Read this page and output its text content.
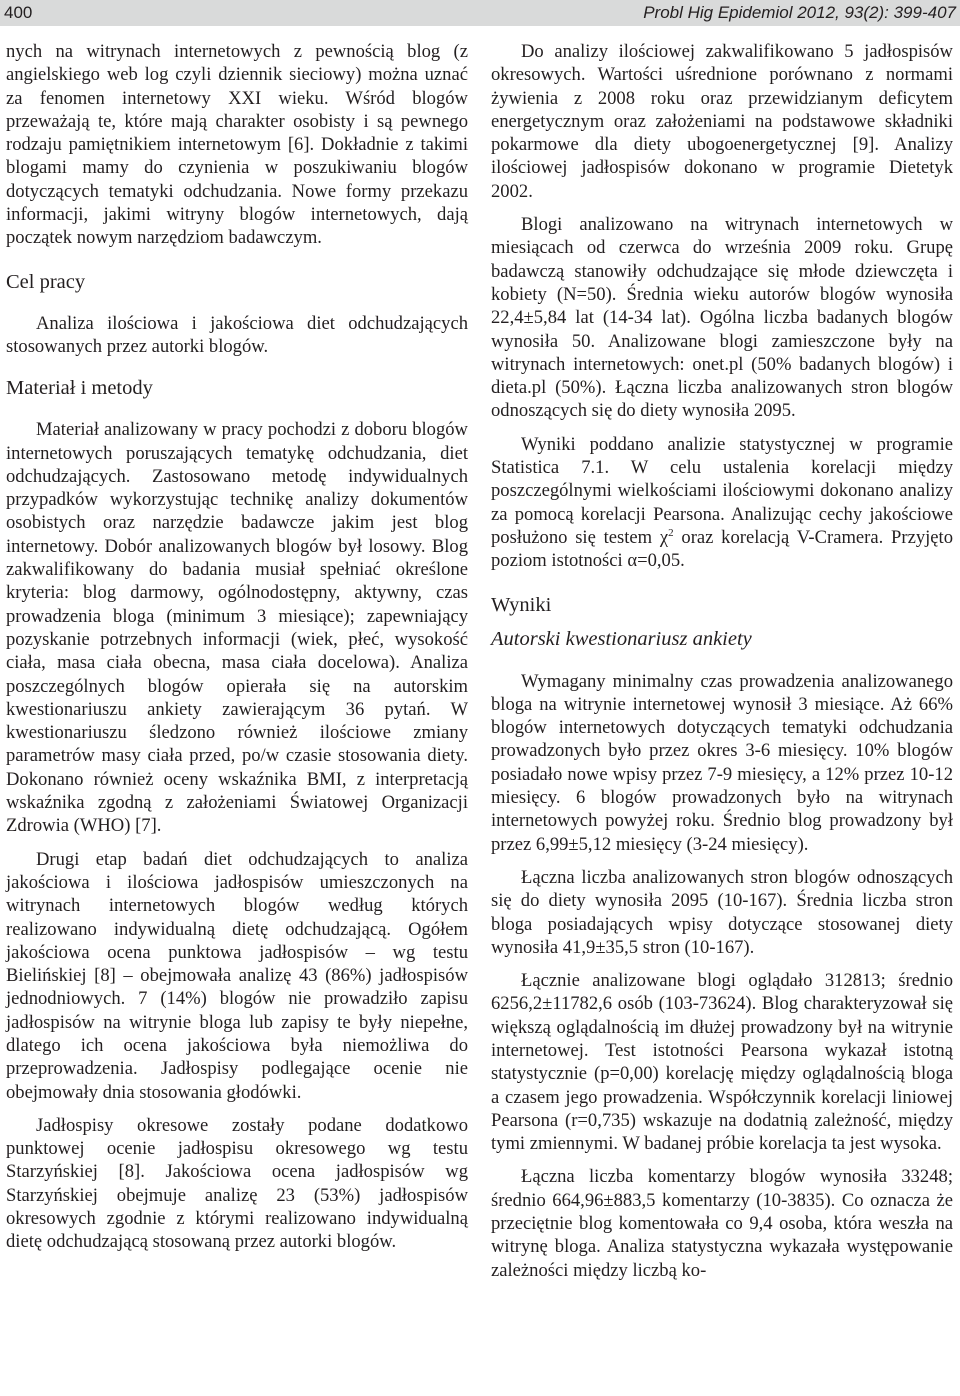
400	Probl Hig Epidemiol 2012, 93(2): 399-407

nych na witrynach internetowych z pewnością blog (z angielskiego web log czyli dziennik sieciowy) można uznać za fenomen internetowy XXI wieku. Wśród blogów przeważają te, które mają charakter osobisty i są pewnego rodzaju pamiętnikiem internetowym [6]. Dokładnie z takimi blogami mamy do czynienia w poszukiwaniu blogów dotyczących tematyki odchudzania. Nowe formy przekazu informacji, jakimi witryny blogów internetowych, dają początek nowym narzędziom badawczym.

Cel pracy

Analiza ilościowa i jakościowa diet odchudzających stosowanych przez autorki blogów.

Materiał i metody

Materiał analizowany w pracy pochodzi z doboru blogów internetowych poruszających tematykę odchudzania, diet odchudzających. Zastosowano metodę indywidualnych przypadków wykorzystując technikę analizy dokumentów osobistych oraz narzędzie badawcze jakim jest blog internetowy. Dobór analizowanych blogów był losowy. Blog zakwalifikowany do badania musiał spełniać określone kryteria: blog darmowy, ogólnodostępny, aktywny, czas prowadzenia bloga (minimum 3 miesiące); zapewniający pozyskanie potrzebnych informacji (wiek, płeć, wysokość ciała, masa ciała obecna, masa ciała docelowa). Analiza poszczególnych blogów opierała się na autorskim kwestionariuszu ankiety zawierającym 36 pytań. W kwestionariuszu śledzono również ilościowe zmiany parametrów masy ciała przed, po/w czasie stosowania diety. Dokonano również oceny wskaźnika BMI, z interpretacją wskaźnika zgodną z założeniami Światowej Organizacji Zdrowia (WHO) [7].

Drugi etap badań diet odchudzających to analiza jakościowa i ilościowa jadłospisów umieszczonych na witrynach internetowych blogów według których realizowano indywidualną dietę odchudzającą. Ogółem jakościowa ocena punktowa jadłospisów – wg testu Bielińskiej [8] – obejmowała analizę 43 (86%) jadłospisów jednodniowych. 7 (14%) blogów nie prowadziło zapisu jadłospisów na witrynie bloga lub zapisy te były niepełne, dlatego ich ocena jakościowa była niemożliwa do przeprowadzenia. Jadłospisy podlegające ocenie nie obejmowały dnia stosowania głodówki.

Jadłospisy okresowe zostały podane dodatkowo punktowej ocenie jadłospisu okresowego wg testu Starzyńskiej [8]. Jakościowa ocena jadłospisów wg Starzyńskiej obejmuje analizę 23 (53%) jadłospisów okresowych zgodnie z którymi realizowano indywidualną dietę odchudzającą stosowaną przez autorki blogów.

Do analizy ilościowej zakwalifikowano 5 jadłospisów okresowych. Wartości uśrednione porównano z normami żywienia z 2008 roku oraz przewidzianym deficytem energetycznym oraz założeniami na podstawowe składniki pokarmowe dla diety ubogoenergetycznej [9]. Analizy ilościowej jadłospisów dokonano w programie Dietetyk 2002.

Blogi analizowano na witrynach internetowych w miesiącach od czerwca do września 2009 roku. Grupę badawczą stanowiły odchudzające się młode dziewczęta i kobiety (N=50). Średnia wieku autorów blogów wynosiła 22,4±5,84 lat (14-34 lat). Ogólna liczba badanych blogów wynosiła 50. Analizowane blogi zamieszczone były na witrynach internetowych: onet.pl (50% badanych blogów) i dieta.pl (50%). Łączna liczba analizowanych stron blogów odnoszących się do diety wynosiła 2095.

Wyniki poddano analizie statystycznej w programie Statistica 7.1. W celu ustalenia korelacji między poszczególnymi wielkościami ilościowymi dokonano analizy za pomocą korelacji Pearsona. Analizując cechy jakościowe posłużono się testem $\chi^2$ oraz korelacją V-Cramera. Przyjęto poziom istotności α=0,05.

Wyniki
Autorski kwestionariusz ankiety

Wymagany minimalny czas prowadzenia analizowanego bloga na witrynie internetowej wynosił 3 miesiące. Aż 66% blogów internetowych dotyczących tematyki odchudzania prowadzonych było przez okres 3-6 miesięcy. 10% blogów posiadało nowe wpisy przez 7-9 miesięcy, a 12% przez 10-12 miesięcy. 6 blogów prowadzonych było na witrynach internetowych powyżej roku. Średnio blog prowadzony był przez 6,99±5,12 miesięcy (3-24 miesięcy).

Łączna liczba analizowanych stron blogów odnoszących się do diety wynosiła 2095 (10-167). Średnia liczba stron bloga posiadających wpisy dotyczące stosowanej diety wynosiła 41,9±35,5 stron (10-167).

Łącznie analizowane blogi oglądało 312813; średnio 6256,2±11782,6 osób (103-73624). Blog charakteryzował się większą oglądalnością im dłużej prowadzony był na witrynie internetowej. Test istotności Pearsona wykazał istotną statystycznie (p=0,00) korelację między oglądalnością bloga a czasem jego prowadzenia. Współczynnik korelacji liniowej Pearsona (r=0,735) wskazuje na dodatnią zależność, między tymi zmiennymi. W badanej próbie korelacja ta jest wysoka.

Łączna liczba komentarzy blogów wynosiła 33248; średnio 664,96±883,5 komentarzy (10-3835). Co oznacza że przeciętnie blog komentowała co 9,4 osoba, która weszła na witrynę bloga. Analiza statystyczna wykazała występowanie zależności między liczbą ko-
